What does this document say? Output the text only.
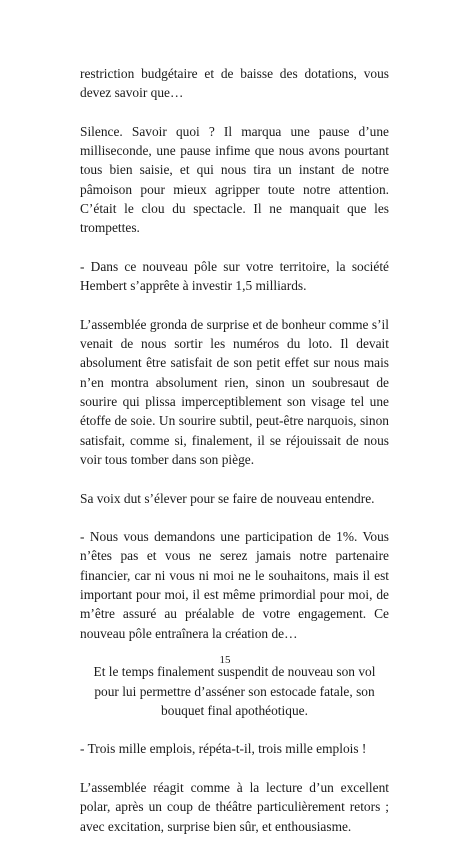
restriction budgétaire et de baisse des dotations, vous devez savoir que…

Silence. Savoir quoi ? Il marqua une pause d’une milliseconde, une pause infime que nous avons pourtant tous bien saisie, et qui nous tira un instant de notre pâmoison pour mieux agripper toute notre attention. C’était le clou du spectacle. Il ne manquait que les trompettes.

- Dans ce nouveau pôle sur votre territoire, la société Hembert s’apprête à investir 1,5 milliards.

L’assemblée gronda de surprise et de bonheur comme s’il venait de nous sortir les numéros du loto. Il devait absolument être satisfait de son petit effet sur nous mais n’en montra absolument rien, sinon un soubresaut de sourire qui plissa imperceptiblement son visage tel une étoffe de soie. Un sourire subtil, peut-être narquois, sinon satisfait, comme si, finalement, il se réjouissait de nous voir tous tomber dans son piège.

Sa voix dut s’élever pour se faire de nouveau entendre.

- Nous vous demandons une participation de 1%. Vous n’êtes pas et vous ne serez jamais notre partenaire financier, car ni vous ni moi ne le souhaitons, mais il est important pour moi, il est même primordial pour moi, de m’être assuré au préalable de votre engagement. Ce nouveau pôle entraînera la création de…

Et le temps finalement suspendit de nouveau son vol pour lui permettre d’asséner son estocade fatale, son bouquet final apothéotique.

- Trois mille emplois, répéta-t-il, trois mille emplois !

L’assemblée réagit comme à la lecture d’un excellent polar, après un coup de théâtre particulièrement retors ; avec excitation, surprise bien sûr, et enthousiasme.

15
